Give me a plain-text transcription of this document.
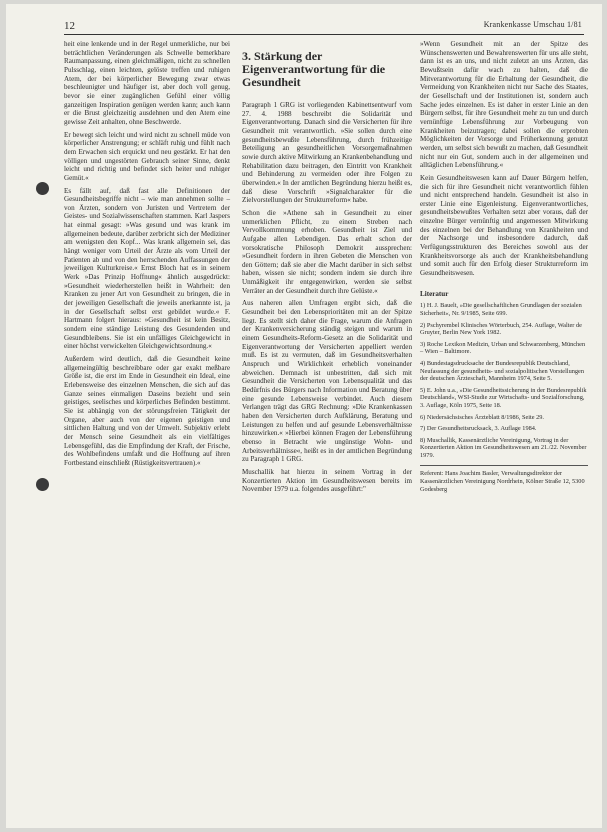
12	Krankenkasse Umschau 1/81

heit eine lenkende und in der Regel unmerkliche, nur bei beträchtlichen Veränderungen als Schwelle bemerkbare Raumanpassung, einen gleichmäßigen, nicht zu schnellen Pulsschlag, einen leichten, gelöste treffen und ruhigen Atem, der bei körperlicher Bewegung zwar etwas beschleunigter und häufiger ist, aber doch voll genug, bevor sie einer zugänglichen Gefühl einer völlig ganzeitigen Inspiration genügen werden kann; auch kann er die Brust gleichzeitig ausdehnen und den Atem eine gewisse Zeit anhalten, ohne Beschwerde.

Er bewegt sich leicht und wird nicht zu schnell müde von körperlicher Anstrengung; er schläft ruhig und fühlt nach dem Erwachen sich erquickt und neu gestärkt. Er hat den völligen und ungestörten Gebrauch seiner Sinne, denkt leicht und richtig und befindet sich heiter und ruhiger Gemüt.«

Es fällt auf, daß fast alle Definitionen der Gesundheitsbegriffe nicht – wie man annehmen sollte – von Ärzten, sondern von Juristen und Vertretern der Geistes- und Sozialwissenschaften stammen. Karl Jaspers hat einmal gesagt: »Was gesund und was krank im allgemeinen bedeute, darüber zerbricht sich der Mediziner am wenigsten den Kopf... Was krank allgemein sei, das hängt weniger vom Urteil der Ärzte als vom Urteil der Patienten ab und von den herrschenden Auffassungen der jeweiligen Kulturkreise.« Ernst Bloch hat es in seinem Werk »Das Prinzip Hoffnung« ähnlich ausgedrückt: »Gesundheit wiederherstellen heißt in Wahrheit: den Kranken zu jener Art von Gesundheit zu bringen, die in der jeweiligen Gesellschaft die jeweils anerkannte ist, ja in der Gesellschaft selbst erst gebildet wurde.« F. Hartmann folgert hieraus: »Gesundheit ist kein Besitz, sondern eine ständige Leistung des Gesundenden und Gesundbleibens. Sie ist ein unfälliges Gleichgewicht in einer höchst verwickelten Gleichgewichtsordnung.«

Außerdem wird deutlich, daß die Gesundheit keine allgemeingültig beschreibbare oder gar exakt meßbare Größe ist, die erst im Ende in Gesundheit ein Ideal, eine Erlebensweise des einzelnen Menschen, die sich auf das Ganze seines einmaligen Daseins bezieht und sein geistiges, seelisches und körperliches Befinden bestimmt. Sie ist abhängig von der störungsfreien Tätigkeit der Organe, aber auch von der eigenen geistigen und sittlichen Haltung und von der Umwelt. Subjektiv erlebt der Mensch seine Gesundheit als ein vielfältiges Lebensgefühl, das die Empfindung der Kraft, der Frische, des Wohlbefindens umfaßt und die Hoffnung auf ihren Fortbestand einschließt (Rüstigkeitsvertrauen).«

3. Stärkung der Eigenverantwortung für die Gesundheit

Paragraph 1 GRG ist vorliegenden Kabinettsentwurf vom 27. 4. 1988 beschreibt die Solidarität und Eigenverantwortung. Danach sind die Versicherten für ihre Gesundheit mit verantwortlich. »Sie sollen durch eine gesundheitsbewußte Lebensführung, durch frühzeitige Beteiligung an gesundheitlichen Vorsorgemaßnahmen sowie durch aktive Mitwirkung an Krankenbehandlung und Rehabilitation dazu beitragen, den Eintritt von Krankheit und Behinderung zu vermeiden oder ihre Folgen zu überwinden.« In der amtlichen Begründung hierzu heißt es, daß diese Vorschrift »Signalcharakter für die Zielvorstellungen der Strukturreform« habe.

Schon die »Athene sah in Gesundheit zu einer unmerklichen Pflicht, zu einem Streben nach Vervollkommnung erhoben. Gesundheit ist Ziel und Aufgabe allen Lebendigen. Das erhalt schon der vorsokratische Philosoph Demokrit aussprechen: »Gesundheit fordern in ihren Gebeten die Menschen von den Göttern; daß sie aber die Macht darüber in sich selbst haben, wissen sie nicht; sondern indem sie durch ihre Unmäßigkeit ihr entgegenwirken, werden sie selbst Verräter an der Gesundheit durch ihre Gelüste.«

Aus naheren allen Umfragen ergibt sich, daß die Gesundheit bei den Lebensprioritäten mit an der Spitze liegt. Es stellt sich daher die Frage, warum die Anfragen der Krankenversicherung ständig steigen und warum in einem Gesundheits-Reform-Gesetz an die Solidarität und Eigenverantwortung der Versicherten appelliert werden muß. Es ist zu vermuten, daß im Gesundheitsverhalten Anspruch und Wirklichkeit erheblich voneinander abweichen. Demnach ist unbestritten, daß sich mit Gesundheit die Versicherten von Lebensqualität und das Bedürfnis des Bürgers nach Information und Beratung über eine gesunde Lebensweise verbindet. Auch diesem Verlangen trägt das GRG Rechnung: »Die Krankenkassen haben den Versicherten durch Aufklärung, Beratung und Leistungen zu helfen und auf gesunde Lebensverhältnisse hinzuwirken.« »Hierbei können Fragen der Lebensführung ebenso in Betracht wie ungünstige Wohn- und Arbeitsverhältnisse«, heißt es in der amtlichen Begründung zu Paragraph 1 GRG.

Muschallik hat hierzu in seinem Vortrag in der Konzertierten Aktion im Gesundheitswesen bereits im November 1979 u.a. folgendes ausgeführt:"

»Wenn Gesundheit mit an der Spitze des Wünschenswerten und Bewahrenswerten für uns alle steht, dann ist es an uns, und nicht zuletzt an uns Ärzten, das Bewußtsein dafür wach zu halten, daß die Mitverantwortung für die Erhaltung der Gesundheit, die Vermeidung von Krankheiten nicht nur Sache des Staates, der Gesellschaft und der Institutionen ist, sondern auch Sache jedes einzelnen. Es ist daher in erster Linie an den Bürgern selbst, für ihre Gesundheit mehr zu tun und durch vernünftige Lebensführung zur Vorbeugung von Krankheiten beizutragen; dabei sollen die erprobten Möglichkeiten der Vorsorge und Früherkennung genutzt werden, um selbst sich bewußt zu machen, daß Gesundheit nicht nur ein Gut, sondern auch in der allgemeinen und alltäglichen Lebensführung.«

Kein Gesundheitswesen kann auf Dauer Bürgern helfen, die sich für ihre Gesundheit nicht verantwortlich fühlen und nicht entsprechend handeln. Gesundheit ist also in erster Linie eine Eigenleistung. Eigenverantwortliches, gesundheitsbewußtes Verhalten setzt aber voraus, daß der einzelne Bürger vernünftig und angemessen Mitwirkung des einzelnen bei der Behandlung von Krankheiten und der Nachsorge und insbesondere dadurch, daß Verfügungsstrukturen des Bereiches sowohl aus der Krankheitsvorsorge als auch der Krankheitsbehandlung und somit auch für den Erfolg dieser Strukturreform im Gesundheitswesen.

Literatur

1) H. J. Bauelt, »Die gesellschaftlichen Grundlagen der sozialen Sicherheit«, Nr. 9/1985, Seite 699.

2) Pschyrembel Klinisches Wörterbuch, 254. Auflage, Walter de Gruyter, Berlin New York 1982.

3) Roche Lexikon Medizin, Urban und Schwarzenberg, München – Wien – Baltimore.

4) Bundestagsdrucksache der Bundesrepublik Deutschland, Neufassung der gesundheits- und sozialpolitischen Vorstellungen der deutschen Ärzteschaft, Mannheim 1974, Seite 5.

5) E. John u.a., »Die Gesundheitssicherung in der Bundesrepublik Deutschland«, WSI-Studie zur Wirtschafts- und Sozialforschung, 3. Auflage, Köln 1975, Seite 18.

6) Niedersächsisches Ärzteblatt 8/1986, Seite 29.

7) Der Gesundheitsrucksack, 3. Auflage 1984.

8) Muschallik, Kassenärztliche Vereinigung, Vortrag in der Konzertierten Aktion im Gesundheitswesen am 21./22. November 1979.

Referent: Hans Joachim Basler, Verwaltungsdirektor der Kassenärztlichen Vereinigung Nordrhein, Kölner Straße 12, 5300 Godesberg
